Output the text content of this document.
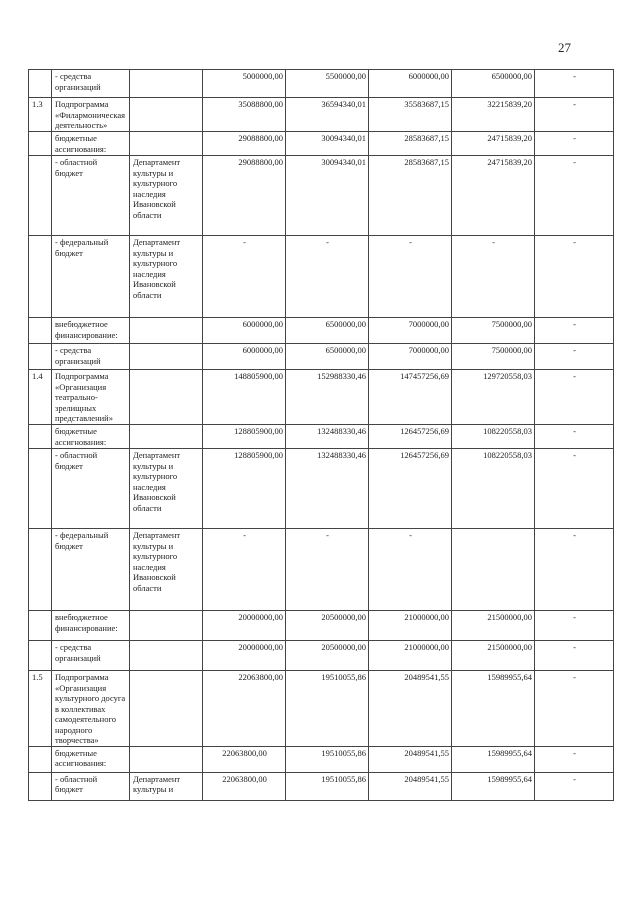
27
	- средства организаций		5000000,00	5500000,00	6000000,00	6500000,00	-
1.3	Подпрограмма «Филармоническая деятельность»		35088800,00	36594340,01	35583687,15	32215839,20	-
	бюджетные ассигнования:		29088800,00	30094340,01	28583687,15	24715839,20	-
	- областной бюджет	Департамент культуры и культурного наследия Ивановской области	29088800,00	30094340,01	28583687,15	24715839,20	-
	- федеральный бюджет	Департамент культуры и культурного наследия Ивановской области	-	-	-	-	-
	внебюджетное финансирование:		6000000,00	6500000,00	7000000,00	7500000,00	-
	- средства организаций		6000000,00	6500000,00	7000000,00	7500000,00	-
1.4	Подпрограмма «Организация театрально-зрелищных представлений»		148805900,00	152988330,46	147457256,69	129720558,03	-
	бюджетные ассигнования:		128805900,00	132488330,46	126457256,69	108220558,03	-
	- областной бюджет	Департамент культуры и культурного наследия Ивановской области	128805900,00	132488330,46	126457256,69	108220558,03	-
	- федеральный бюджет	Департамент культуры и культурного наследия Ивановской области	-	-	-		-
	внебюджетное финансирование:		20000000,00	20500000,00	21000000,00	21500000,00	-
	- средства организаций		20000000,00	20500000,00	21000000,00	21500000,00	-
1.5	Подпрограмма «Организация культурного досуга в коллективах самодеятельного народного творчества»		22063800,00	19510055,86	20489541,55	15989955,64	-
	бюджетные ассигнования:		22063800,00	19510055,86	20489541,55	15989955,64	-
	- областной бюджет	Департамент культуры и	22063800,00	19510055,86	20489541,55	15989955,64	-
